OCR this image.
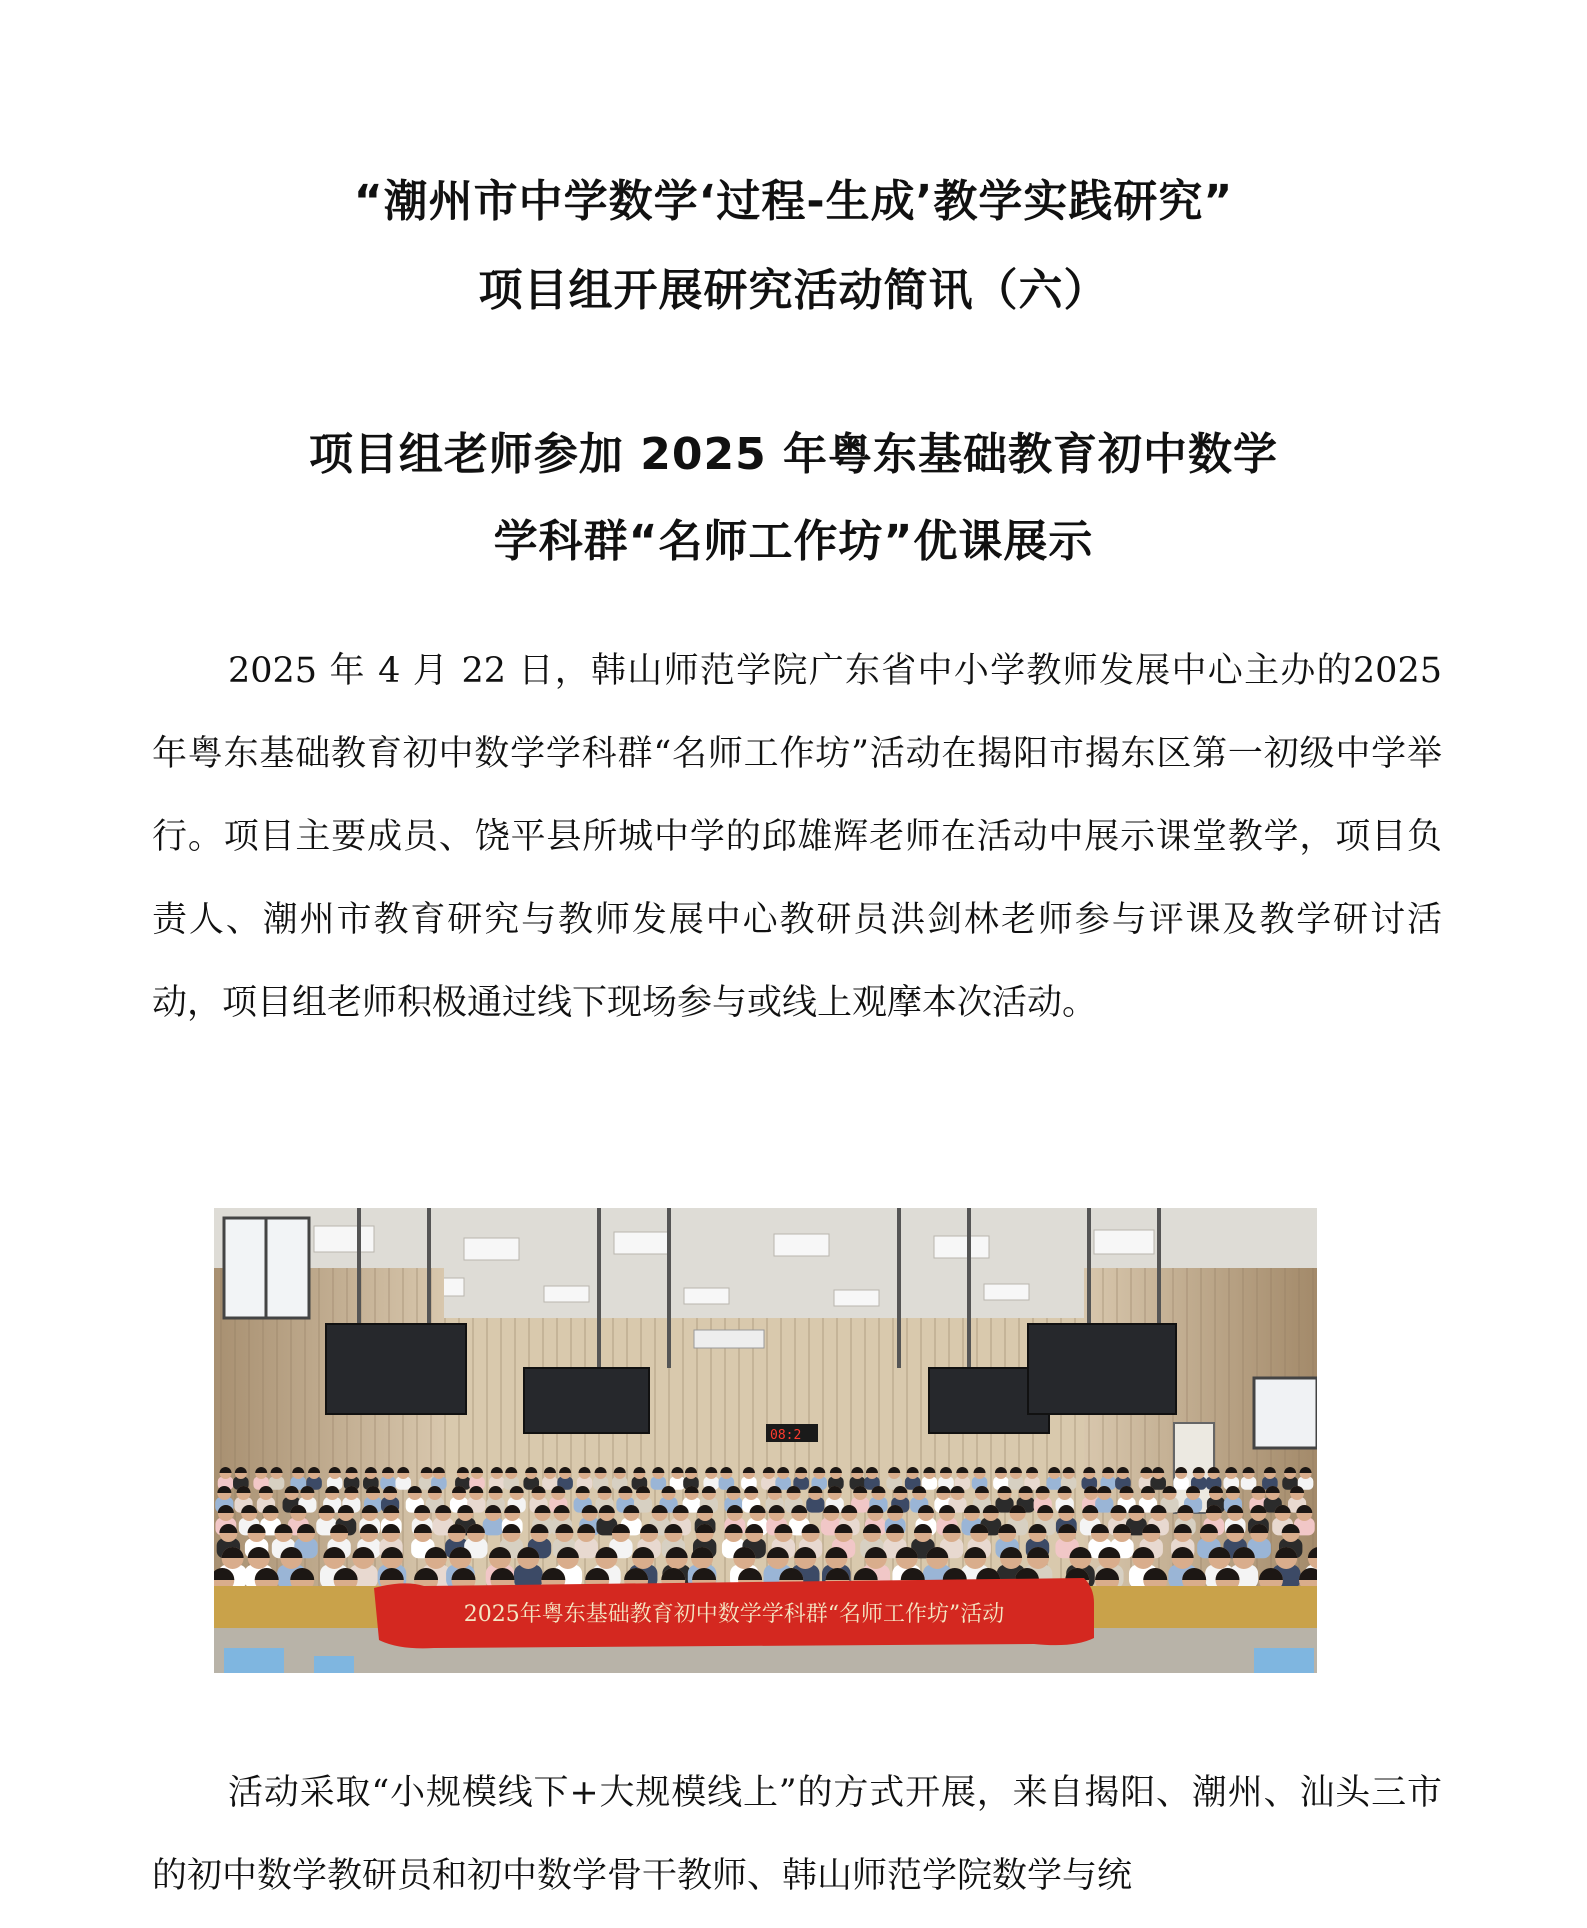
“潮州市中学数学‘过程-生成’教学实践研究”
项目组开展研究活动简讯（六）
项目组老师参加 2025 年粤东基础教育初中数学
学科群“名师工作坊”优课展示

2025 年 4 月 22 日，韩山师范学院广东省中小学教师发展中心主办的2025 年粤东基础教育初中数学学科群“名师工作坊”活动在揭阳市揭东区第一初级中学举行。项目主要成员、饶平县所城中学的邱雄辉老师在活动中展示课堂教学，项目负责人、潮州市教育研究与教师发展中心教研员洪剑林老师参与评课及教学研讨活动，项目组老师积极通过线下现场参与或线上观摩本次活动。

08:2
2025年粤东基础教育初中数学学科群“名师工作坊”活动

活动采取“小规模线下+大规模线上”的方式开展，来自揭阳、潮州、汕头三市的初中数学教研员和初中数学骨干教师、韩山师范学院数学与统
